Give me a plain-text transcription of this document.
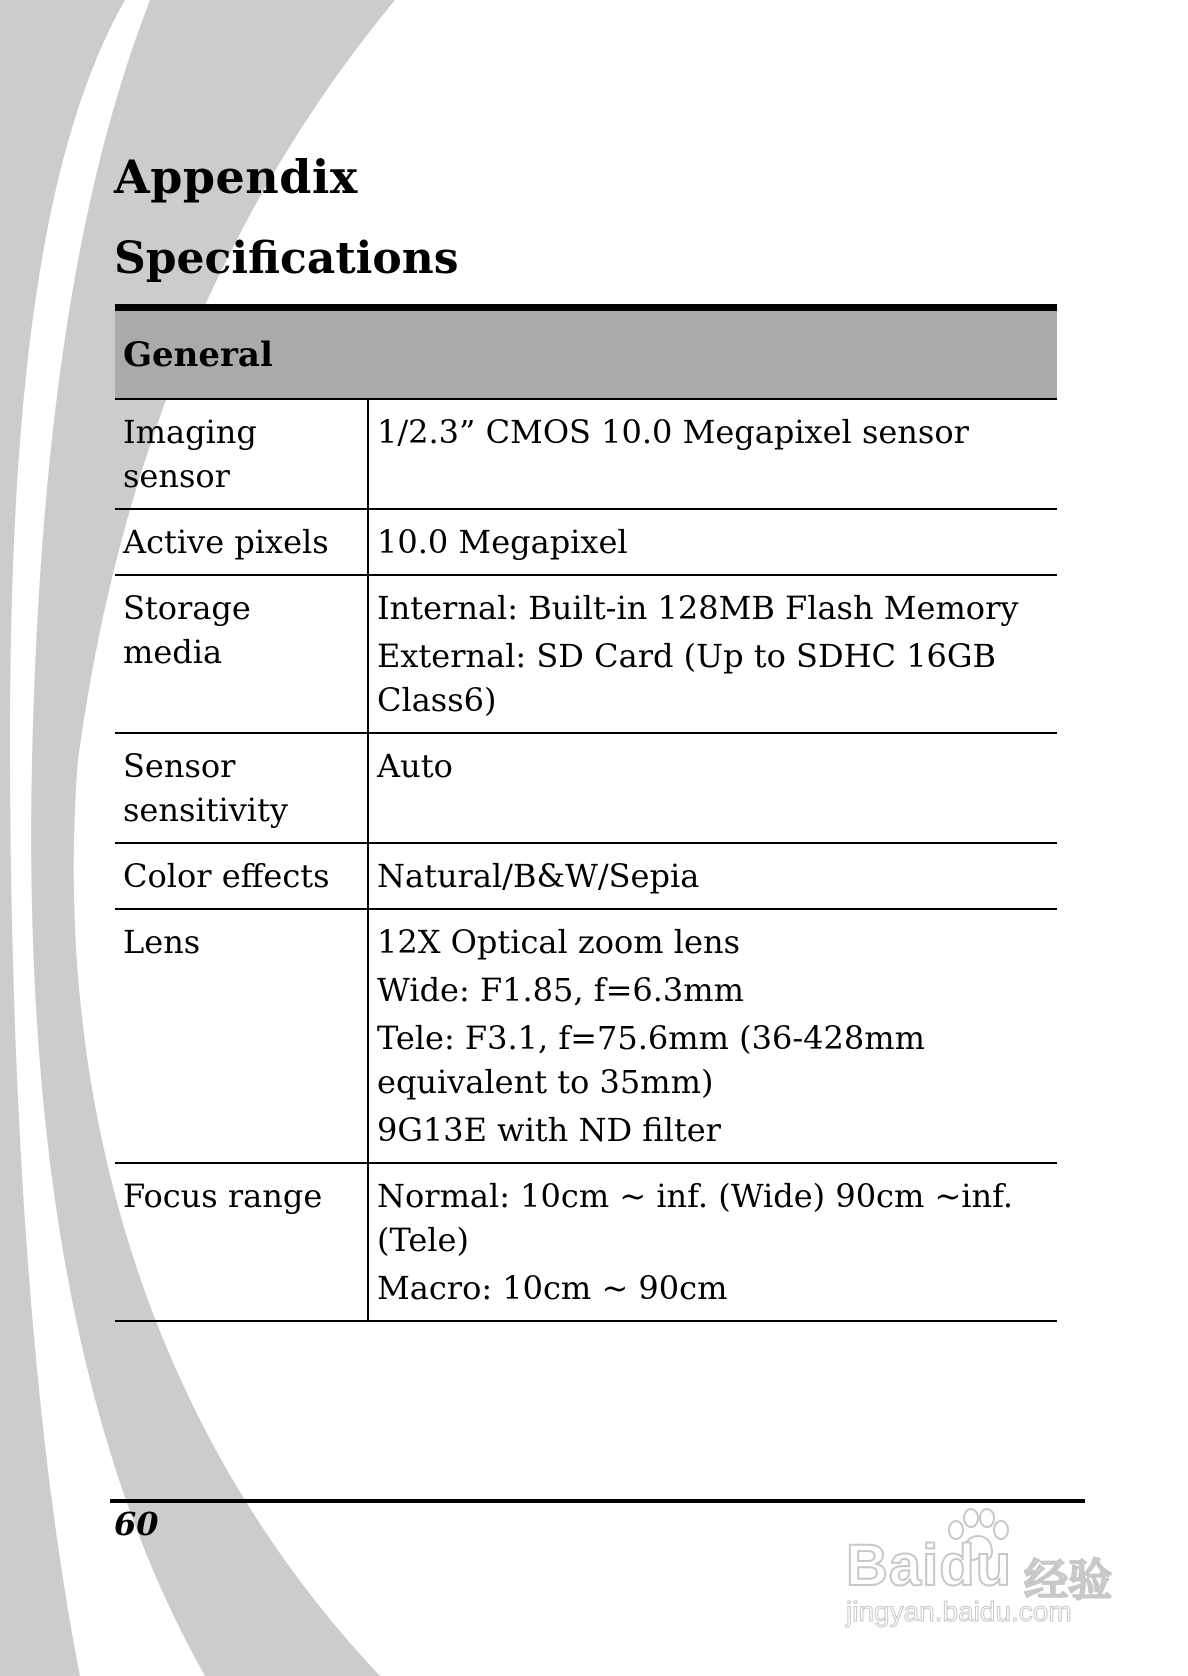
Appendix
Specifications
General	
Imaging sensor	1/2.3” CMOS 10.0 Megapixel sensor

Active pixels	10.0 Megapixel

Storage media	Internal: Built-in 128MB Flash Memory
External: SD Card (Up to SDHC 16GB Class6)

Sensor sensitivity	Auto

Color effects	Natural/B&W/Sepia

Lens	12X Optical zoom lens
Wide: F1.85, f=6.3mm
Tele: F3.1, f=75.6mm (36-428mm equivalent to 35mm)
9G13E with ND filter

Focus range	Normal: 10cm ~ inf. (Wide) 90cm ~inf. (Tele)
Macro: 10cm ~ 90cm
60
Baidu 经验
jingyan.baidu.com
